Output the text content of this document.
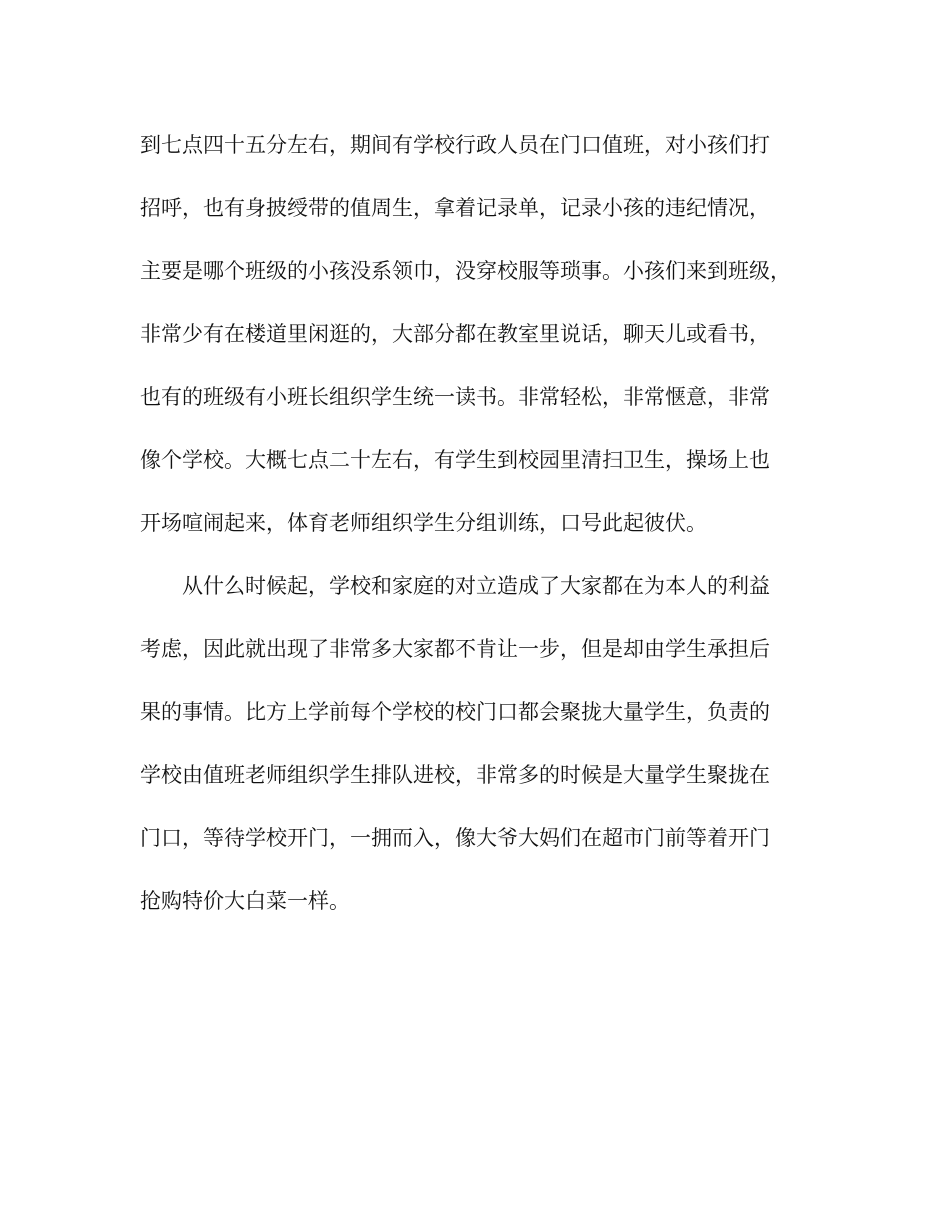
到七点四十五分左右，期间有学校行政人员在门口值班，对小孩们打
招呼，也有身披绶带的值周生，拿着记录单，记录小孩的违纪情况，
主要是哪个班级的小孩没系领巾，没穿校服等琐事。小孩们来到班级，
非常少有在楼道里闲逛的，大部分都在教室里说话，聊天儿或看书，
也有的班级有小班长组织学生统一读书。非常轻松，非常惬意，非常
像个学校。大概七点二十左右，有学生到校园里清扫卫生，操场上也
开场喧闹起来，体育老师组织学生分组训练，口号此起彼伏。
从什么时候起，学校和家庭的对立造成了大家都在为本人的利益
考虑，因此就出现了非常多大家都不肯让一步，但是却由学生承担后
果的事情。比方上学前每个学校的校门口都会聚拢大量学生，负责的
学校由值班老师组织学生排队进校，非常多的时候是大量学生聚拢在
门口，等待学校开门，一拥而入，像大爷大妈们在超市门前等着开门
抢购特价大白菜一样。
